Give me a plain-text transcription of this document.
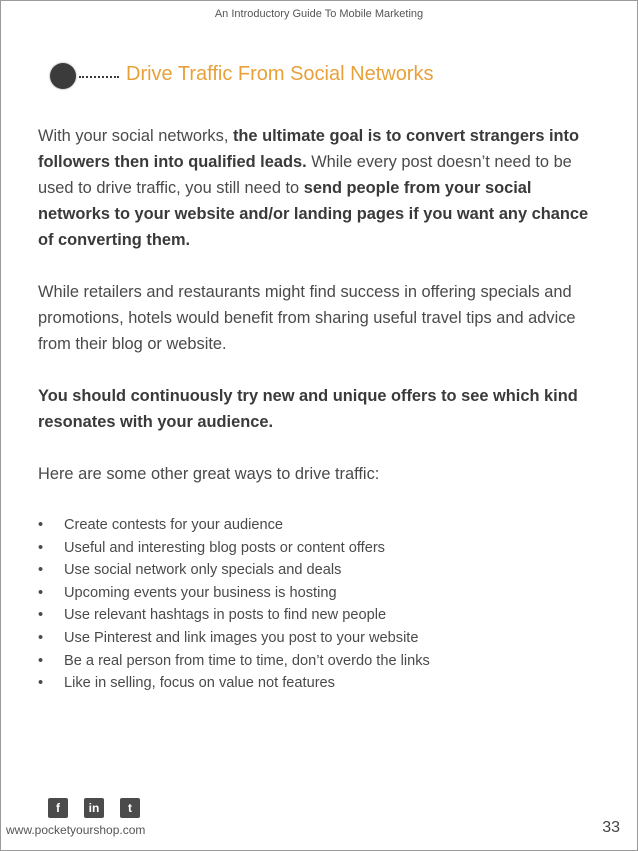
An Introductory Guide To Mobile Marketing
Drive Traffic From Social Networks
With your social networks, the ultimate goal is to convert strangers into followers then into qualified leads. While every post doesn’t need to be used to drive traffic, you still need to send people from your social networks to your website and/or landing pages if you want any chance of converting them.
While retailers and restaurants might find success in offering specials and promotions, hotels would benefit from sharing useful travel tips and advice from their blog or website.
You should continuously try new and unique offers to see which kind resonates with your audience.
Here are some other great ways to drive traffic:
• Create contests for your audience
• Useful and interesting blog posts or content offers
• Use social network only specials and deals
• Upcoming events your business is hosting
• Use relevant hashtags in posts to find new people
• Use Pinterest and link images you post to your website
• Be a real person from time to time, don’t overdo the links
• Like in selling, focus on value not features
f	in	t
www.pocketyourshop.com	33
